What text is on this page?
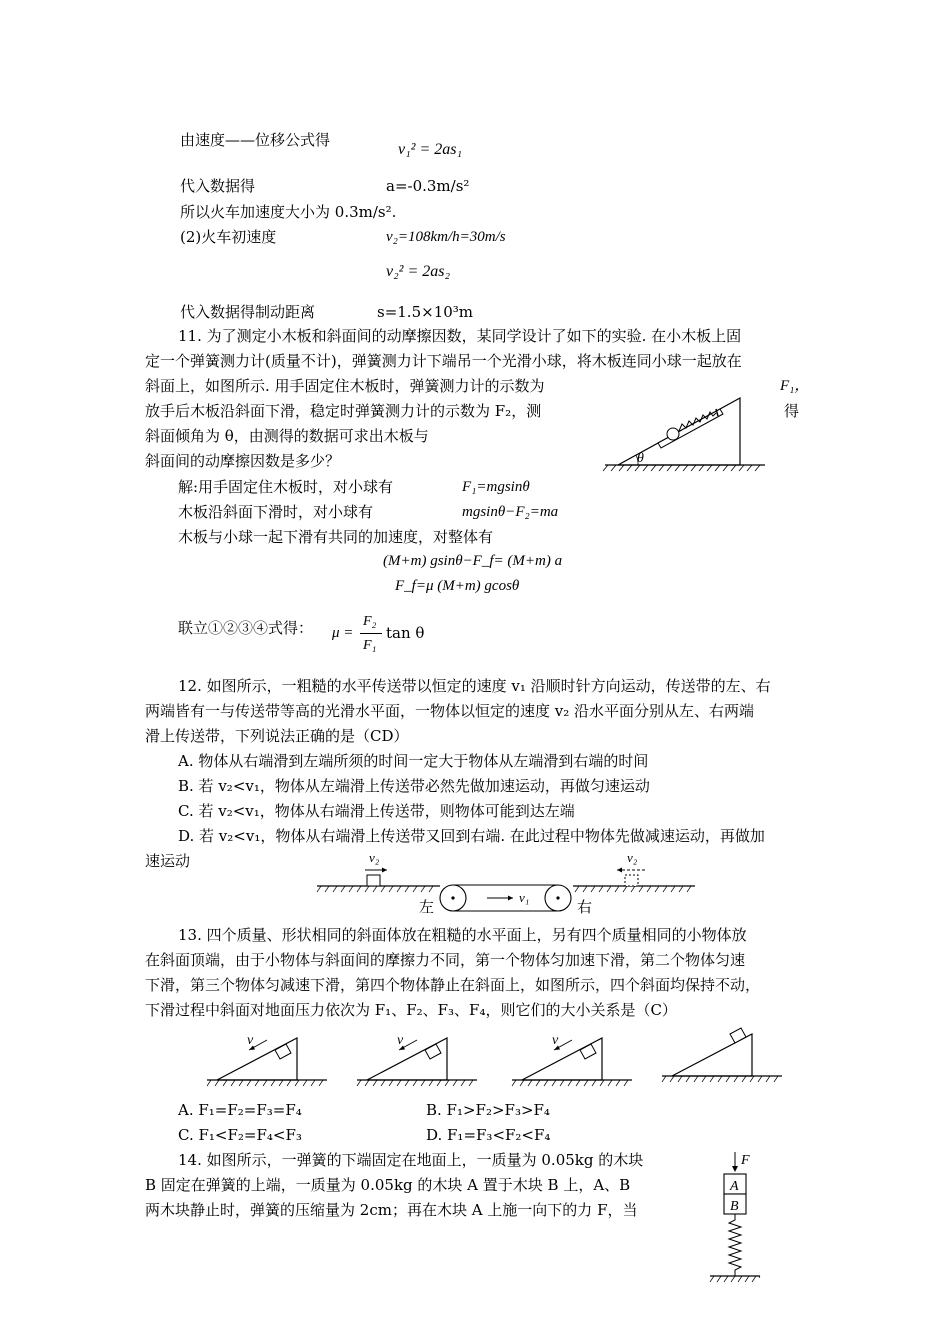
由速度——位移公式得
v₁² = 2as₁
代入数据得	a=-0.3m/s²
所以火车加速度大小为 0.3m/s².
(2)火车初速度	v₂=108km/h=30m/s
v₂² = 2as₂
代入数据得制动距离	s=1.5×10³m
11. 为了测定小木板和斜面间的动摩擦因数，某同学设计了如下的实验. 在小木板上固
定一个弹簧测力计(质量不计)，弹簧测力计下端吊一个光滑小球，将木板连同小球一起放在
斜面上，如图所示. 用手固定住木板时，弹簧测力计的示数为	F₁，
放手后木板沿斜面下滑，稳定时弹簧测力计的示数为 F₂，测	得
斜面倾角为 θ，由测得的数据可求出木板与
斜面间的动摩擦因数是多少？	θ
解:用手固定住木板时，对小球有	F₁=mgsinθ
木板沿斜面下滑时，对小球有	mgsinθ−F₂=ma
木板与小球一起下滑有共同的加速度，对整体有
(M+m) gsinθ−F_f= (M+m) a
F_f=μ (M+m) gcosθ
联立①②③④式得： μ =
F₂
F₁
tan θ
12. 如图所示，一粗糙的水平传送带以恒定的速度 v₁ 沿顺时针方向运动，传送带的左、右
两端皆有一与传送带等高的光滑水平面，一物体以恒定的速度 v₂ 沿水平面分别从左、右两端
滑上传送带，下列说法正确的是（CD）
A. 物体从右端滑到左端所须的时间一定大于物体从左端滑到右端的时间
B. 若 v₂<v₁，物体从左端滑上传送带必然先做加速运动，再做匀速运动
C. 若 v₂<v₁，物体从右端滑上传送带，则物体可能到达左端
D. 若 v₂<v₁，物体从右端滑上传送带又回到右端. 在此过程中物体先做减速运动，再做加
速运动	v₂
v₁
v₂
左	右
13. 四个质量、形状相同的斜面体放在粗糙的水平面上，另有四个质量相同的小物体放
在斜面顶端，由于小物体与斜面间的摩擦力不同，第一个物体匀加速下滑，第二个物体匀速
下滑，第三个物体匀减速下滑，第四个物体静止在斜面上，如图所示，四个斜面均保持不动，
下滑过程中斜面对地面压力依次为 F₁、F₂、F₃、F₄，则它们的大小关系是（C）
v	v	v
A. F₁=F₂=F₃=F₄	B. F₁>F₂>F₃>F₄
C. F₁<F₂=F₄<F₃	D. F₁=F₃<F₂<F₄
14. 如图所示，一弹簧的下端固定在地面上，一质量为 0.05kg 的木块
B 固定在弹簧的上端，一质量为 0.05kg 的木块 A 置于木块 B 上，A、B
两木块静止时，弹簧的压缩量为 2cm；再在木块 A 上施一向下的力 F，当
F
A
B
